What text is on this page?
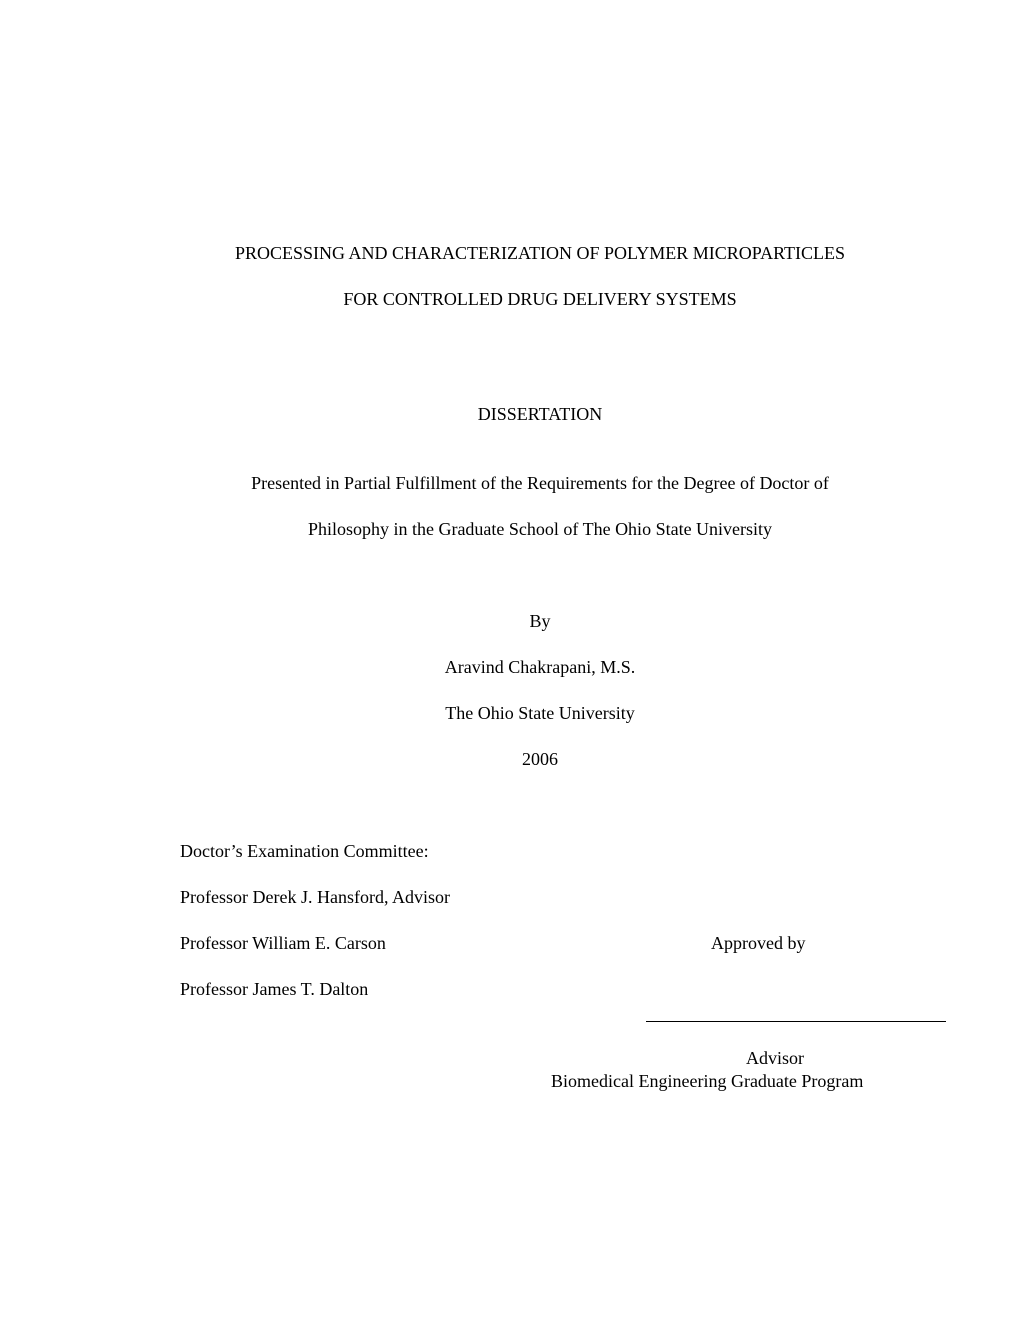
PROCESSING AND CHARACTERIZATION OF POLYMER MICROPARTICLES
FOR CONTROLLED DRUG DELIVERY SYSTEMS
DISSERTATION
Presented in Partial Fulfillment of the Requirements for the Degree of Doctor of
Philosophy in the Graduate School of The Ohio State University
By
Aravind Chakrapani, M.S.
The Ohio State University
2006
Doctor’s Examination Committee:
Professor Derek J. Hansford, Advisor
Professor William E. Carson
Professor James T. Dalton
Approved by
Advisor
Biomedical Engineering Graduate Program
